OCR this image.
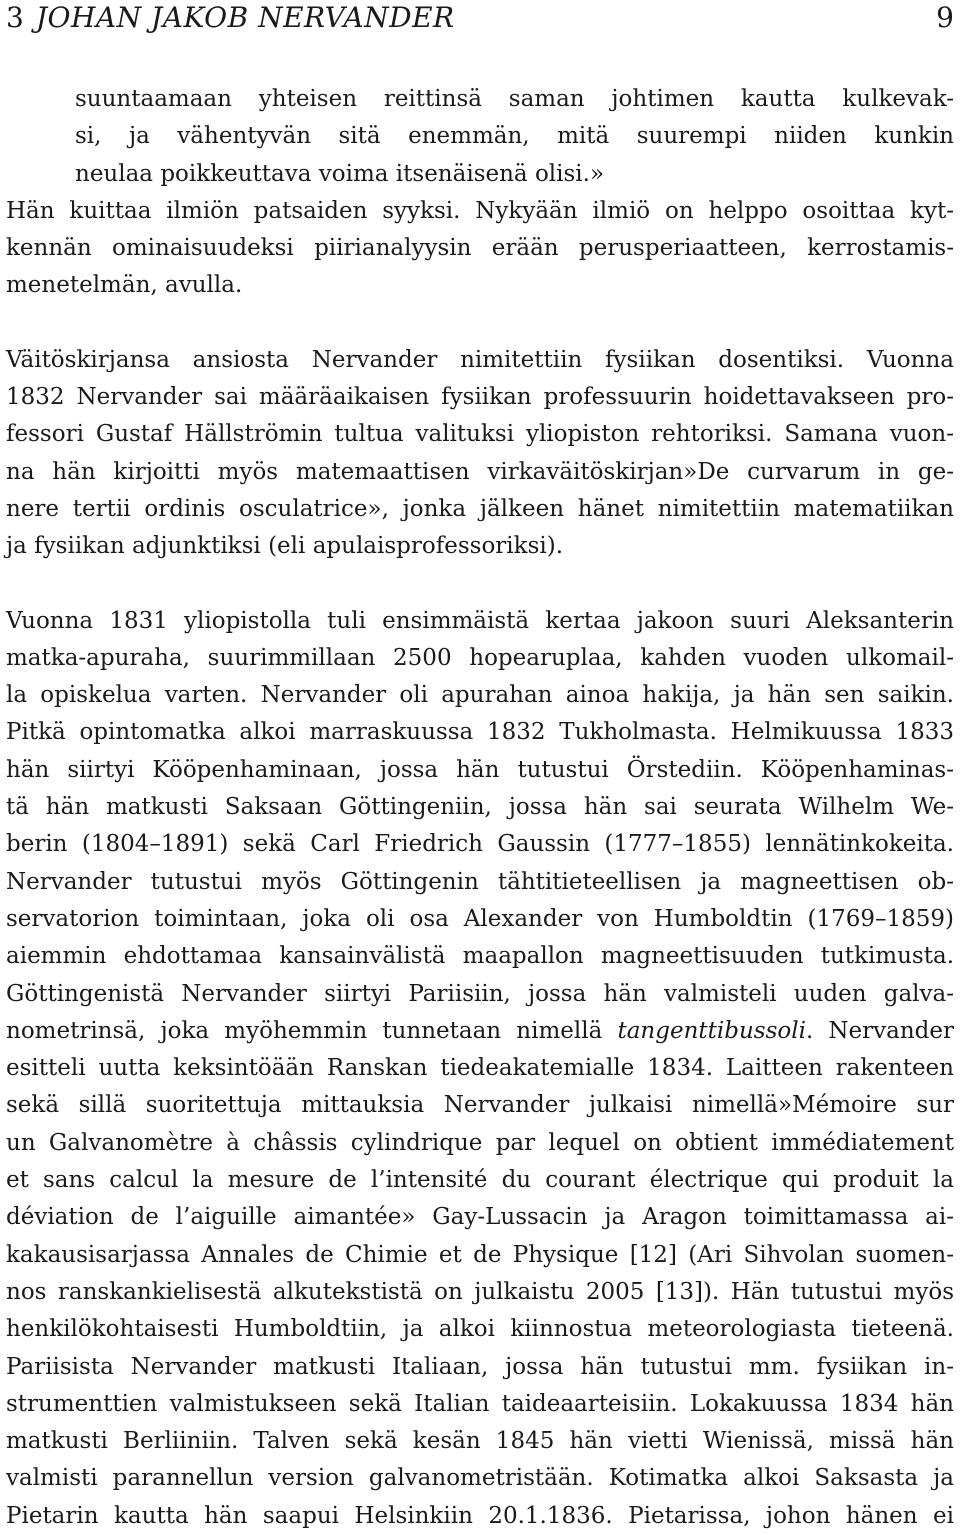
3 JOHAN JAKOB NERVANDER	9
suuntaamaan yhteisen reittinsä saman johtimen kautta kulkevak-
si, ja vähentyvän sitä enemmän, mitä suurempi niiden kunkin
neulaa poikkeuttava voima itsenäisenä olisi.»
Hän kuittaa ilmiön patsaiden syyksi. Nykyään ilmiö on helppo osoittaa kyt-
kennän ominaisuudeksi piirianalyysin erään perusperiaatteen, kerrostamis-
menetelmän, avulla.
Väitöskirjansa ansiosta Nervander nimitettiin fysiikan dosentiksi. Vuonna
1832 Nervander sai määräaikaisen fysiikan professuurin hoidettavakseen pro-
fessori Gustaf Hällströmin tultua valituksi yliopiston rehtoriksi. Samana vuon-
na hän kirjoitti myös matemaattisen virkaväitöskirjan»De curvarum in ge-
nere tertii ordinis osculatrice», jonka jälkeen hänet nimitettiin matematiikan
ja fysiikan adjunktiksi (eli apulaisprofessoriksi).
Vuonna 1831 yliopistolla tuli ensimmäistä kertaa jakoon suuri Aleksanterin
matka-apuraha, suurimmillaan 2500 hopearuplaa, kahden vuoden ulkomail-
la opiskelua varten. Nervander oli apurahan ainoa hakija, ja hän sen saikin.
Pitkä opintomatka alkoi marraskuussa 1832 Tukholmasta. Helmikuussa 1833
hän siirtyi Kööpenhaminaan, jossa hän tutustui Örstediin. Kööpenhaminas-
tä hän matkusti Saksaan Göttingeniin, jossa hän sai seurata Wilhelm We-
berin (1804–1891) sekä Carl Friedrich Gaussin (1777–1855) lennätinkokeita.
Nervander tutustui myös Göttingenin tähtitieteellisen ja magneettisen ob-
servatorion toimintaan, joka oli osa Alexander von Humboldtin (1769–1859)
aiemmin ehdottamaa kansainvälistä maapallon magneettisuuden tutkimusta.
Göttingenistä Nervander siirtyi Pariisiin, jossa hän valmisteli uuden galva-
nometrinsä, joka myöhemmin tunnetaan nimellä tangenttibussoli. Nervander
esitteli uutta keksintöään Ranskan tiedeakatemialle 1834. Laitteen rakenteen
sekä sillä suoritettuja mittauksia Nervander julkaisi nimellä»Mémoire sur
un Galvanomètre à châssis cylindrique par lequel on obtient immédiatement
et sans calcul la mesure de l’intensité du courant électrique qui produit la
déviation de l’aiguille aimantée» Gay-Lussacin ja Aragon toimittamassa ai-
kakausisarjassa Annales de Chimie et de Physique [12] (Ari Sihvolan suomen-
nos ranskankielisestä alkutekstistä on julkaistu 2005 [13]). Hän tutustui myös
henkilökohtaisesti Humboldtiin, ja alkoi kiinnostua meteorologiasta tieteenä.
Pariisista Nervander matkusti Italiaan, jossa hän tutustui mm. fysiikan in-
strumenttien valmistukseen sekä Italian taideaarteisiin. Lokakuussa 1834 hän
matkusti Berliiniin. Talven sekä kesän 1845 hän vietti Wienissä, missä hän
valmisti parannellun version galvanometristään. Kotimatka alkoi Saksasta ja
Pietarin kautta hän saapui Helsinkiin 20.1.1836. Pietarissa, johon hänen ei
